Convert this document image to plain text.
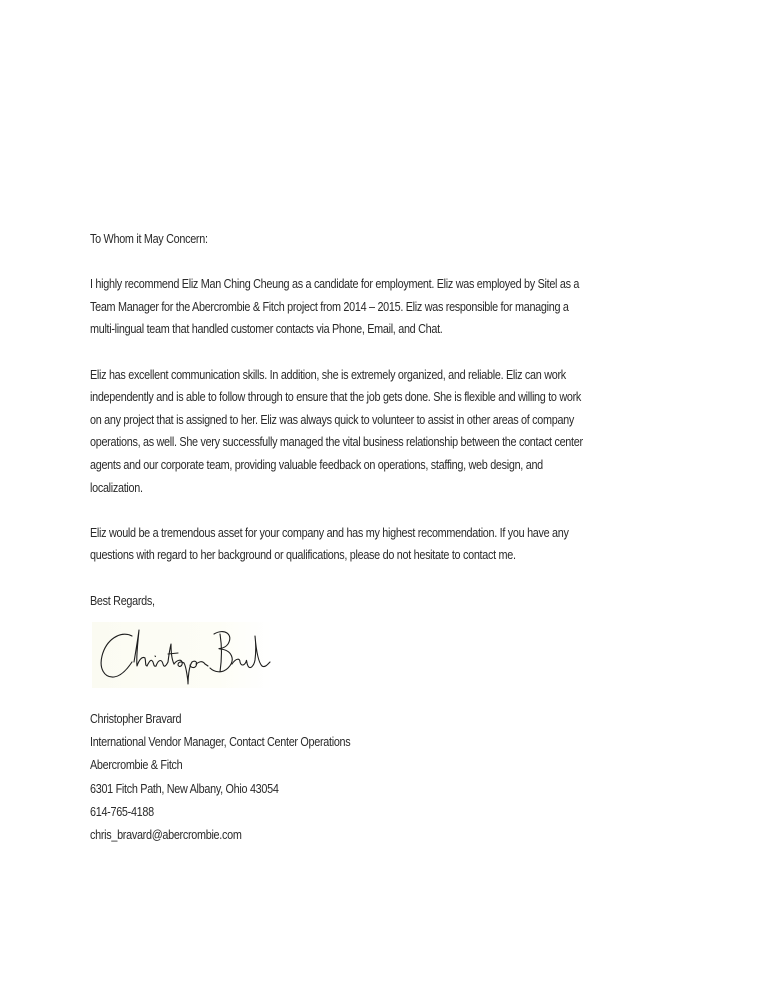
To Whom it May Concern:

I highly recommend Eliz Man Ching Cheung as a candidate for employment. Eliz was employed by Sitel as a

Team Manager for the Abercrombie & Fitch project from 2014 – 2015. Eliz was responsible for managing a

multi-lingual team that handled customer contacts via Phone, Email, and Chat.

Eliz has excellent communication skills. In addition, she is extremely organized, and reliable. Eliz can work

independently and is able to follow through to ensure that the job gets done. She is flexible and willing to work

on any project that is assigned to her. Eliz was always quick to volunteer to assist in other areas of company

operations, as well. She very successfully managed the vital business relationship between the contact center

agents and our corporate team, providing valuable feedback on operations, staffing, web design, and

localization.

Eliz would be a tremendous asset for your company and has my highest recommendation. If you have any

questions with regard to her background or qualifications, please do not hesitate to contact me.

Best Regards,

Christopher Bravard
International Vendor Manager, Contact Center Operations
Abercrombie & Fitch
6301 Fitch Path, New Albany, Ohio 43054
614-765-4188
chris_bravard@abercrombie.com
